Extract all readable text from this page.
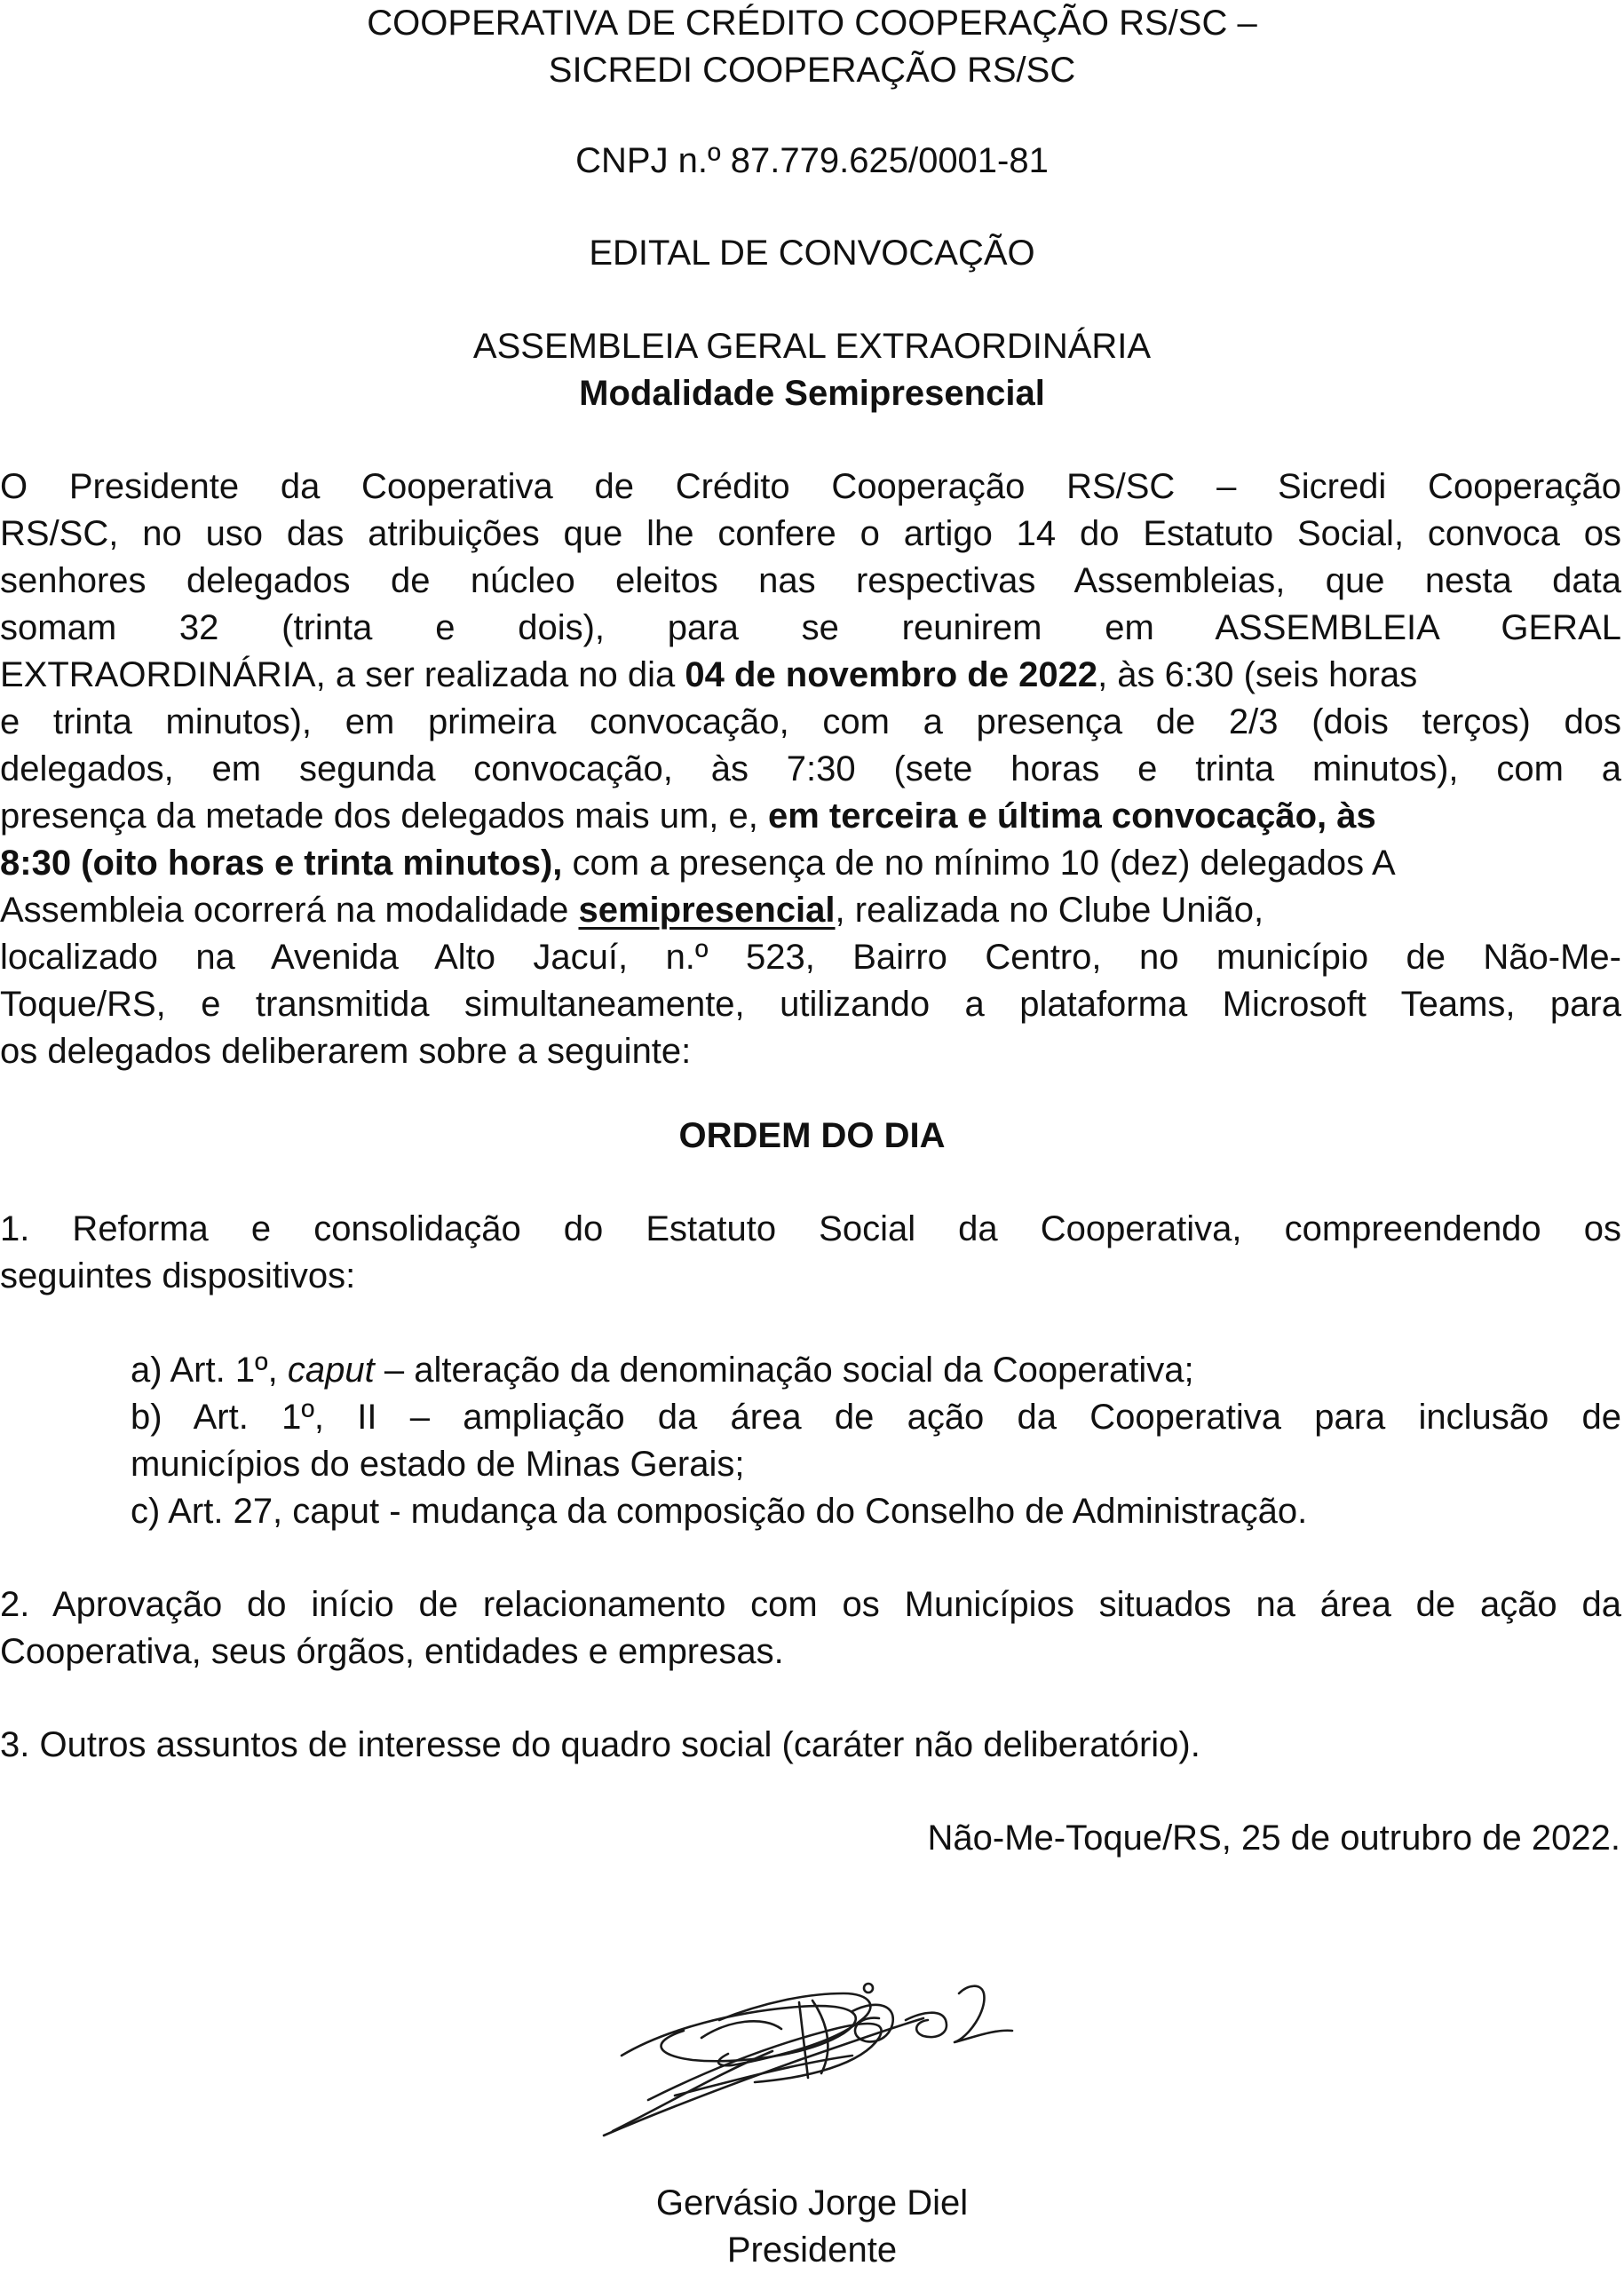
COOPERATIVA DE CRÉDITO COOPERAÇÃO RS/SC –
SICREDI COOPERAÇÃO RS/SC
CNPJ n.º 87.779.625/0001-81
EDITAL DE CONVOCAÇÃO
ASSEMBLEIA GERAL EXTRAORDINÁRIA
Modalidade Semipresencial
O Presidente da Cooperativa de Crédito Cooperação RS/SC – Sicredi Cooperação
RS/SC, no uso das atribuições que lhe confere o artigo 14 do Estatuto Social, convoca os
senhores delegados de núcleo eleitos nas respectivas Assembleias, que nesta data
somam 32 (trinta e dois), para se reunirem em ASSEMBLEIA GERAL
EXTRAORDINÁRIA, a ser realizada no dia 04 de novembro de 2022, às 6:30 (seis horas
e trinta minutos), em primeira convocação, com a presença de 2/3 (dois terços) dos
delegados, em segunda convocação, às 7:30 (sete horas e trinta minutos), com a
presença da metade dos delegados mais um, e, em terceira e última convocação, às
8:30 (oito horas e trinta minutos), com a presença de no mínimo 10 (dez) delegados A
Assembleia ocorrerá na modalidade semipresencial, realizada no Clube União,
localizado na Avenida Alto Jacuí, n.º 523, Bairro Centro, no município de Não-Me-
Toque/RS, e transmitida simultaneamente, utilizando a plataforma Microsoft Teams, para
os delegados deliberarem sobre a seguinte:
ORDEM DO DIA
1. Reforma e consolidação do Estatuto Social da Cooperativa, compreendendo os
seguintes dispositivos:
a) Art. 1º, caput – alteração da denominação social da Cooperativa;
b) Art. 1º, II – ampliação da área de ação da Cooperativa para inclusão de
municípios do estado de Minas Gerais;
c) Art. 27, caput - mudança da composição do Conselho de Administração.
2. Aprovação do início de relacionamento com os Municípios situados na área de ação da
Cooperativa, seus órgãos, entidades e empresas.
3. Outros assuntos de interesse do quadro social (caráter não deliberatório).
Não-Me-Toque/RS, 25 de outrubro de 2022.
Gervásio Jorge Diel
Presidente
